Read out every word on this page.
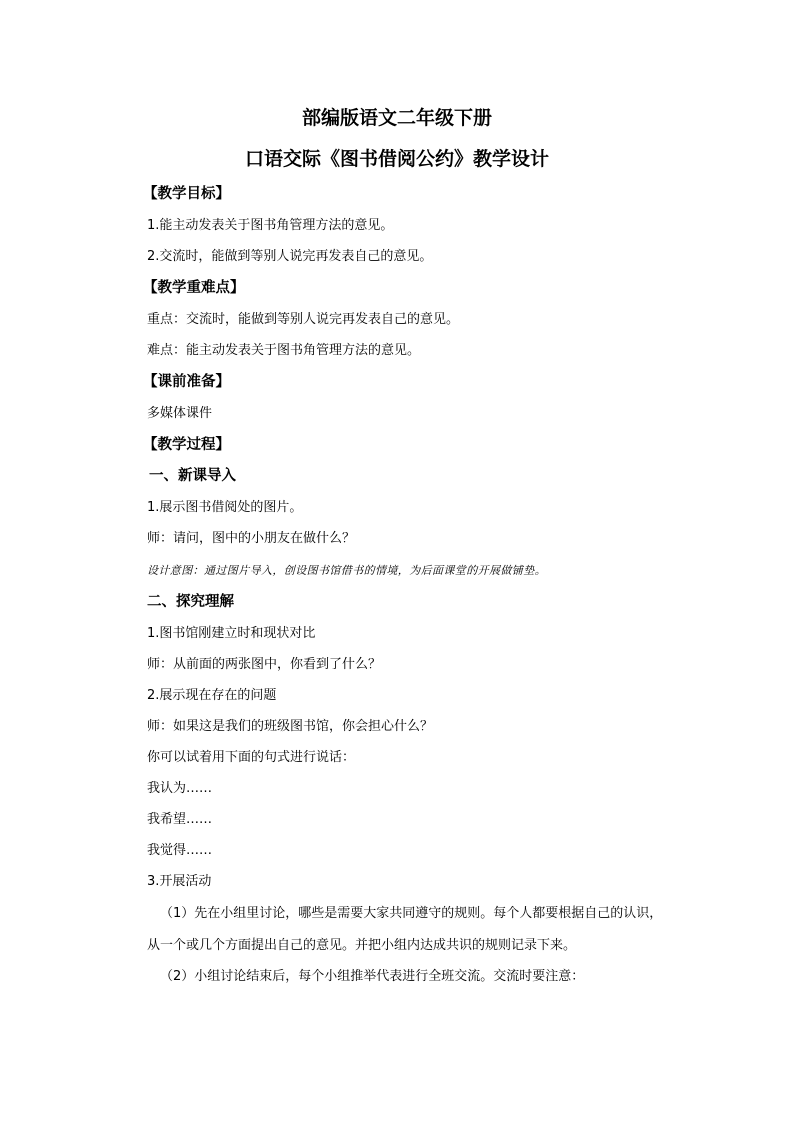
部编版语文二年级下册
口语交际《图书借阅公约》教学设计
【教学目标】
1.能主动发表关于图书角管理方法的意见。
2.交流时，能做到等别人说完再发表自己的意见。
【教学重难点】
重点：交流时，能做到等别人说完再发表自己的意见。
难点：能主动发表关于图书角管理方法的意见。
【课前准备】
多媒体课件
【教学过程】
一、新课导入
1.展示图书借阅处的图片。
师：请问，图中的小朋友在做什么？
设计意图：通过图片导入，创设图书馆借书的情境，为后面课堂的开展做铺垫。
二、探究理解
1.图书馆刚建立时和现状对比
师：从前面的两张图中，你看到了什么？
2.展示现在存在的问题
师：如果这是我们的班级图书馆，你会担心什么？
你可以试着用下面的句式进行说话：
我认为……
我希望……
我觉得……
3.开展活动
（1）先在小组里讨论，哪些是需要大家共同遵守的规则。每个人都要根据自己的认识，
从一个或几个方面提出自己的意见。并把小组内达成共识的规则记录下来。
（2）小组讨论结束后，每个小组推举代表进行全班交流。交流时要注意：
